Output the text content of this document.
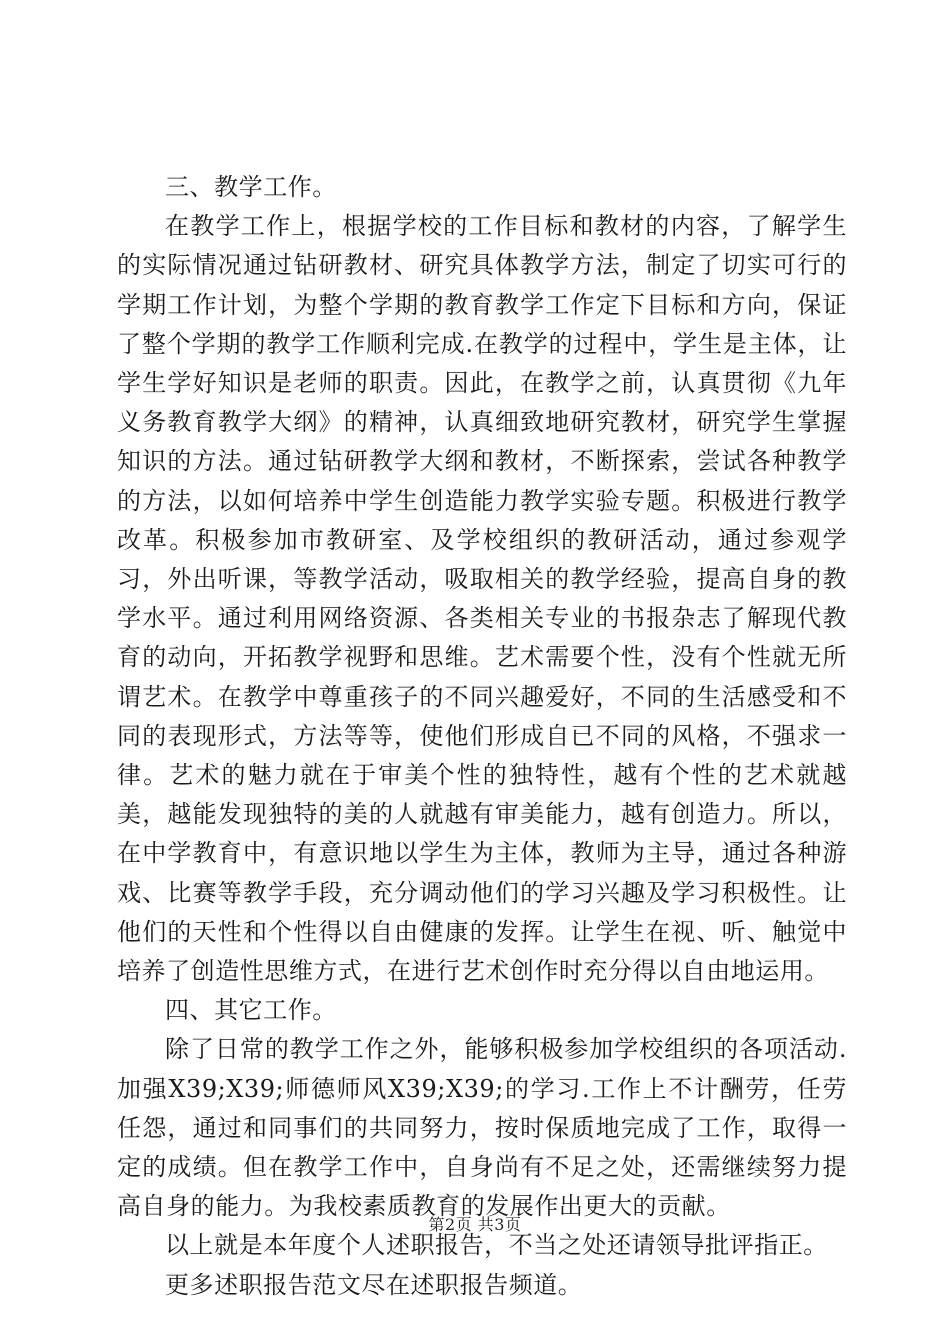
三、教学工作。

在教学工作上，根据学校的工作目标和教材的内容，了解学生的实际情况通过钻研教材、研究具体教学方法，制定了切实可行的学期工作计划，为整个学期的教育教学工作定下目标和方向，保证了整个学期的教学工作顺利完成.在教学的过程中，学生是主体，让学生学好知识是老师的职责。因此，在教学之前，认真贯彻《九年义务教育教学大纲》的精神，认真细致地研究教材，研究学生掌握知识的方法。通过钻研教学大纲和教材，不断探索，尝试各种教学的方法，以如何培养中学生创造能力教学实验专题。积极进行教学改革。积极参加市教研室、及学校组织的教研活动，通过参观学习，外出听课，等教学活动，吸取相关的教学经验，提高自身的教学水平。通过利用网络资源、各类相关专业的书报杂志了解现代教育的动向，开拓教学视野和思维。艺术需要个性，没有个性就无所谓艺术。在教学中尊重孩子的不同兴趣爱好，不同的生活感受和不同的表现形式，方法等等，使他们形成自已不同的风格，不强求一律。艺术的魅力就在于审美个性的独特性，越有个性的艺术就越美，越能发现独特的美的人就越有审美能力，越有创造力。所以，在中学教育中，有意识地以学生为主体，教师为主导，通过各种游戏、比赛等教学手段，充分调动他们的学习兴趣及学习积极性。让他们的天性和个性得以自由健康的发挥。让学生在视、听、触觉中培养了创造性思维方式，在进行艺术创作时充分得以自由地运用。

四、其它工作。

除了日常的教学工作之外，能够积极参加学校组织的各项活动.加强X39;X39;师德师风X39;X39;的学习.工作上不计酬劳，任劳任怨，通过和同事们的共同努力，按时保质地完成了工作，取得一定的成绩。但在教学工作中，自身尚有不足之处，还需继续努力提高自身的能力。为我校素质教育的发展作出更大的贡献。

以上就是本年度个人述职报告，不当之处还请领导批评指正。

更多述职报告范文尽在述职报告频道。

第2页 共3页
